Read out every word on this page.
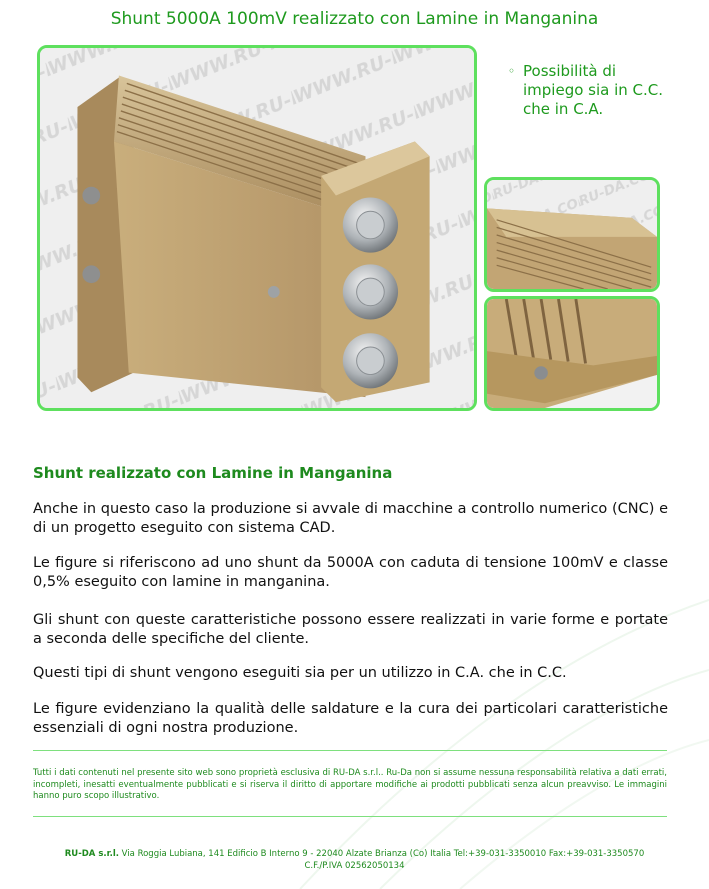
Shunt 5000A 100mV realizzato con Lamine in Manganina
◦ Possibilità di impiego sia in C.C. che in C.A.
Shunt realizzato con Lamine in Manganina

Anche in questo caso la produzione si avvale di macchine a controllo numerico (CNC) e di un progetto eseguito con sistema CAD.

Le figure si riferiscono ad uno shunt da 5000A con caduta di tensione 100mV e classe 0,5% eseguito con lamine in manganina.

Gli shunt con queste caratteristiche possono essere realizzati in varie forme e portate a seconda delle specifiche del cliente.

Questi tipi di shunt vengono eseguiti sia per un utilizzo in C.A. che in C.C.

Le figure evidenziano la qualità delle saldature e la cura dei particolari caratteristiche essenziali di ogni nostra produzione.

Tutti i dati contenuti nel presente sito web sono proprietà esclusiva di RU-DA s.r.l.. Ru-Da non si assume nessuna responsabilità relativa a dati errati, incompleti, inesatti eventualmente pubblicati e si riserva il diritto di apportare modifiche ai prodotti pubblicati senza alcun preavviso. Le immagini hanno puro scopo illustrativo.

RU-DA s.r.l. Via Roggia Lubiana, 141 Edificio B Interno 9 - 22040 Alzate Brianza (Co) Italia Tel:+39-031-3350010 Fax:+39-031-3350570
C.F./P.IVA 02562050134
